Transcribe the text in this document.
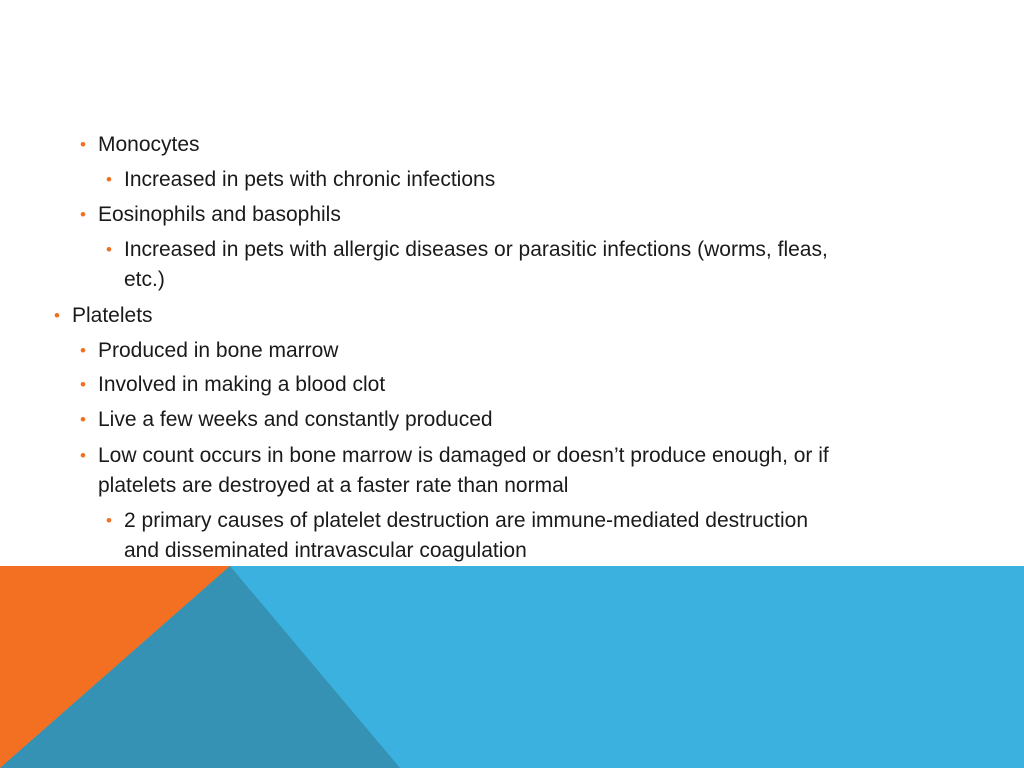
• Monocytes
• Increased in pets with chronic infections
• Eosinophils and basophils
• Increased in pets with allergic diseases or parasitic infections (worms, fleas,
etc.)
• Platelets
• Produced in bone marrow
• Involved in making a blood clot
• Live a few weeks and constantly produced
• Low count occurs in bone marrow is damaged or doesn’t produce enough, or if
platelets are destroyed at a faster rate than normal
• 2 primary causes of platelet destruction are immune-mediated destruction
and disseminated intravascular coagulation
